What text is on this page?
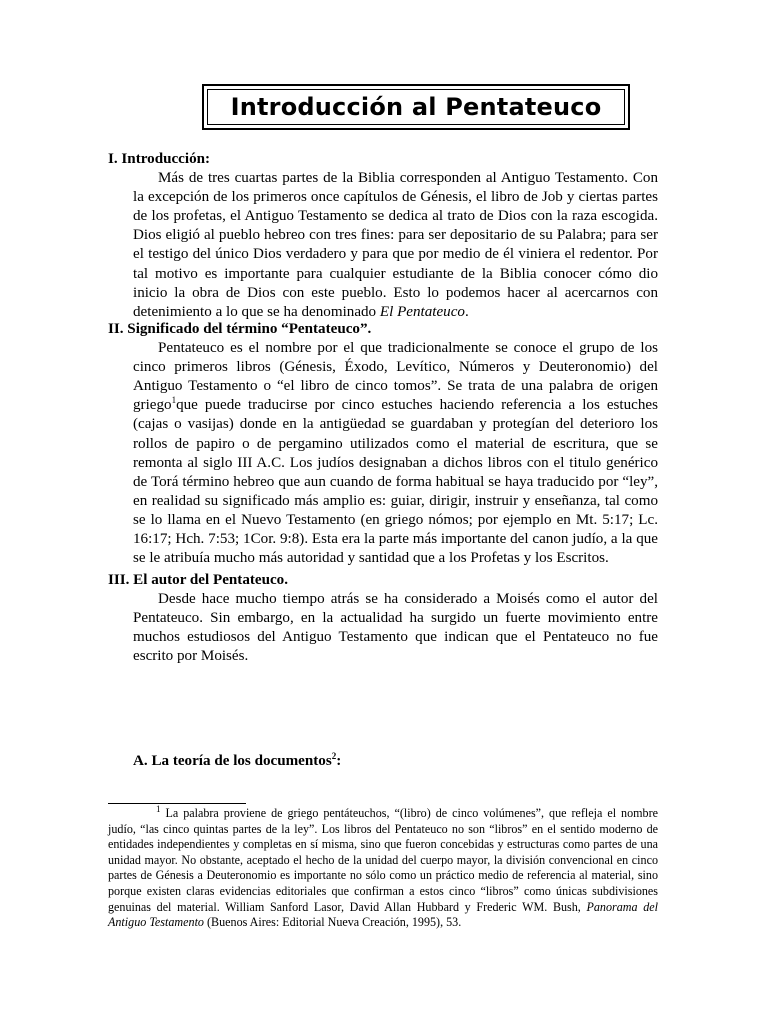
Introducción al Pentateuco

I. Introducción:

Más de tres cuartas partes de la Biblia corresponden al Antiguo Testamento. Con la excepción de los primeros once capítulos de Génesis, el libro de Job y ciertas partes de los profetas, el Antiguo Testamento se dedica al trato de Dios con la raza escogida. Dios eligió al pueblo hebreo con tres fines: para ser depositario de su Palabra; para ser el testigo del único Dios verdadero y para que por medio de él viniera el redentor. Por tal motivo es importante para cualquier estudiante de la Biblia conocer cómo dio inicio la obra de Dios con este pueblo. Esto lo podemos hacer al acercarnos con detenimiento a lo que se ha denominado El Pentateuco.

II. Significado del término “Pentateuco”.

Pentateuco es el nombre por el que tradicionalmente se conoce el grupo de los cinco primeros libros (Génesis, Éxodo, Levítico, Números y Deuteronomio) del Antiguo Testamento o “el libro de cinco tomos”. Se trata de una palabra de origen griego$^1$que puede traducirse por cinco estuches haciendo referencia a los estuches (cajas o vasijas) donde en la antigüedad se guardaban y protegían del deterioro los rollos de papiro o de pergamino utilizados como el material de escritura, que se remonta al siglo III A.C. Los judíos designaban a dichos libros con el titulo genérico de Torá término hebreo que aun cuando de forma habitual se haya traducido por “ley”, en realidad su significado más amplio es: guiar, dirigir, instruir y enseñanza, tal como se lo llama en el Nuevo Testamento (en griego nómos; por ejemplo en Mt. 5:17; Lc. 16:17; Hch. 7:53; 1Cor. 9:8). Esta era la parte más importante del canon judío, a la que se le atribuía mucho más autoridad y santidad que a los Profetas y los Escritos.

III. El autor del Pentateuco.

Desde hace mucho tiempo atrás se ha considerado a Moisés como el autor del Pentateuco. Sin embargo, en la actualidad ha surgido un fuerte movimiento entre muchos estudiosos del Antiguo Testamento que indican que el Pentateuco no fue escrito por Moisés.

A. La teoría de los documentos$^2$:

$^1$ La palabra proviene de griego pentáteuchos, “(libro) de cinco volúmenes”, que refleja el nombre judío, “las cinco quintas partes de la ley”. Los libros del Pentateuco no son “libros” en el sentido moderno de entidades independientes y completas en sí misma, sino que fueron concebidas y estructuras como partes de una unidad mayor. No obstante, aceptado el hecho de la unidad del cuerpo mayor, la división convencional en cinco partes de Génesis a Deuteronomio es importante no sólo como un práctico medio de referencia al material, sino porque existen claras evidencias editoriales que confirman a estos cinco “libros” como únicas subdivisiones genuinas del material. William Sanford Lasor, David Allan Hubbard y Frederic WM. Bush, Panorama del Antiguo Testamento (Buenos Aires: Editorial Nueva Creación, 1995), 53.
